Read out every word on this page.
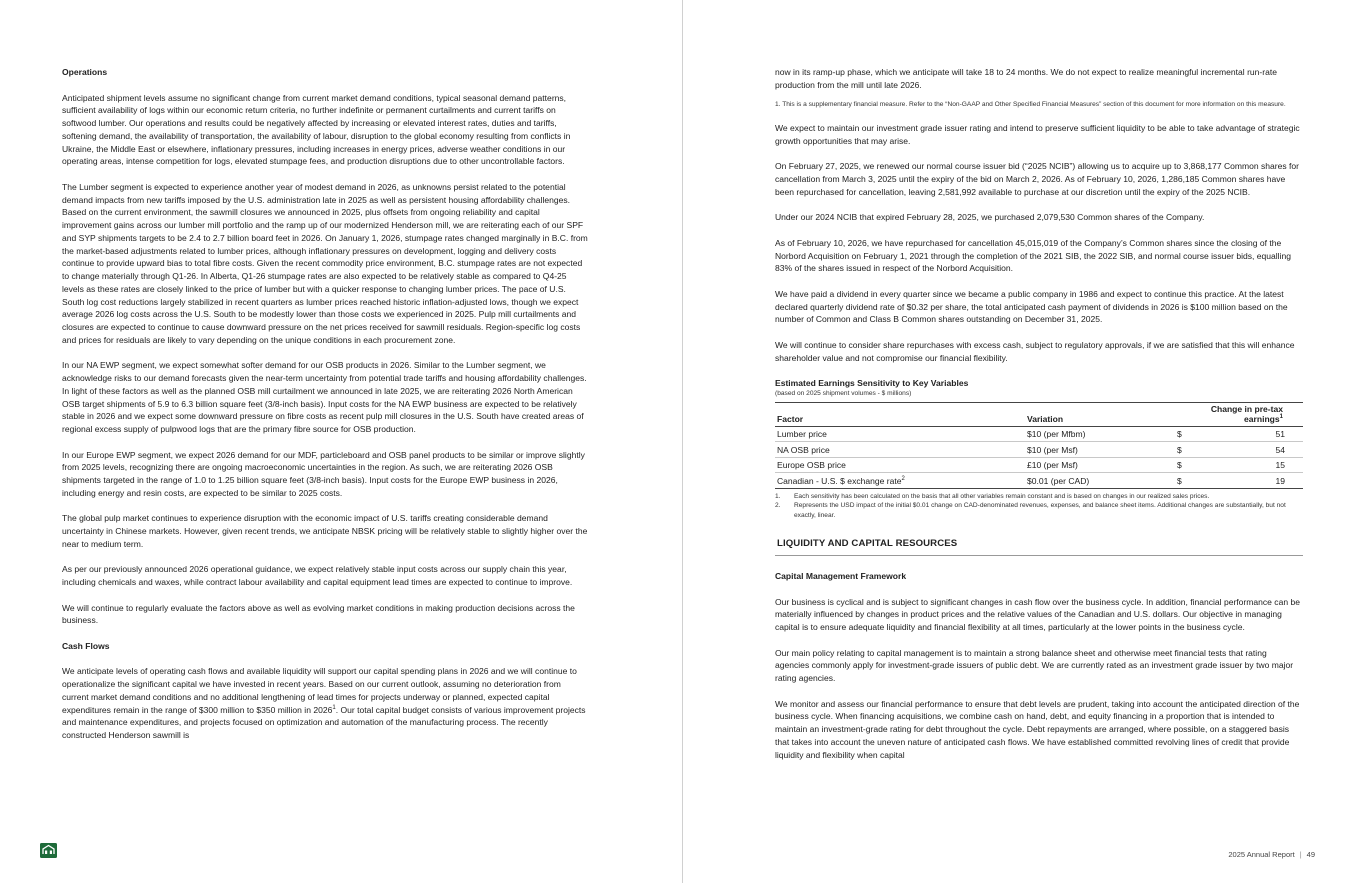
Operations

Anticipated shipment levels assume no significant change from current market demand conditions, typical seasonal demand patterns, sufficient availability of logs within our economic return criteria, no further indefinite or permanent curtailments and current tariffs on softwood lumber. Our operations and results could be negatively affected by increasing or elevated interest rates, duties and tariffs, softening demand, the availability of transportation, the availability of labour, disruption to the global economy resulting from conflicts in Ukraine, the Middle East or elsewhere, inflationary pressures, including increases in energy prices, adverse weather conditions in our operating areas, intense competition for logs, elevated stumpage fees, and production disruptions due to other uncontrollable factors.

The Lumber segment is expected to experience another year of modest demand in 2026, as unknowns persist related to the potential demand impacts from new tariffs imposed by the U.S. administration late in 2025 as well as persistent housing affordability challenges. Based on the current environment, the sawmill closures we announced in 2025, plus offsets from ongoing reliability and capital improvement gains across our lumber mill portfolio and the ramp up of our modernized Henderson mill, we are reiterating each of our SPF and SYP shipments targets to be 2.4 to 2.7 billion board feet in 2026. On January 1, 2026, stumpage rates changed marginally in B.C. from the market-based adjustments related to lumber prices, although inflationary pressures on development, logging and delivery costs continue to provide upward bias to total fibre costs. Given the recent commodity price environment, B.C. stumpage rates are not expected to change materially through Q1-26. In Alberta, Q1-26 stumpage rates are also expected to be relatively stable as compared to Q4-25 levels as these rates are closely linked to the price of lumber but with a quicker response to changing lumber prices. The pace of U.S. South log cost reductions largely stabilized in recent quarters as lumber prices reached historic inflation-adjusted lows, though we expect average 2026 log costs across the U.S. South to be modestly lower than those costs we experienced in 2025. Pulp mill curtailments and closures are expected to continue to cause downward pressure on the net prices received for sawmill residuals. Region-specific log costs and prices for residuals are likely to vary depending on the unique conditions in each procurement zone.

In our NA EWP segment, we expect somewhat softer demand for our OSB products in 2026. Similar to the Lumber segment, we acknowledge risks to our demand forecasts given the near-term uncertainty from potential trade tariffs and housing affordability challenges. In light of these factors as well as the planned OSB mill curtailment we announced in late 2025, we are reiterating 2026 North American OSB target shipments of 5.9 to 6.3 billion square feet (3/8-inch basis). Input costs for the NA EWP business are expected to be relatively stable in 2026 and we expect some downward pressure on fibre costs as recent pulp mill closures in the U.S. South have created areas of regional excess supply of pulpwood logs that are the primary fibre source for OSB production.

In our Europe EWP segment, we expect 2026 demand for our MDF, particleboard and OSB panel products to be similar or improve slightly from 2025 levels, recognizing there are ongoing macroeconomic uncertainties in the region. As such, we are reiterating 2026 OSB shipments targeted in the range of 1.0 to 1.25 billion square feet (3/8-inch basis). Input costs for the Europe EWP business in 2026, including energy and resin costs, are expected to be similar to 2025 costs.

The global pulp market continues to experience disruption with the economic impact of U.S. tariffs creating considerable demand uncertainty in Chinese markets. However, given recent trends, we anticipate NBSK pricing will be relatively stable to slightly higher over the near to medium term.

As per our previously announced 2026 operational guidance, we expect relatively stable input costs across our supply chain this year, including chemicals and waxes, while contract labour availability and capital equipment lead times are expected to continue to improve.

We will continue to regularly evaluate the factors above as well as evolving market conditions in making production decisions across the business.

Cash Flows

We anticipate levels of operating cash flows and available liquidity will support our capital spending plans in 2026 and we will continue to operationalize the significant capital we have invested in recent years. Based on our current outlook, assuming no deterioration from current market demand conditions and no additional lengthening of lead times for projects underway or planned, expected capital expenditures remain in the range of $300 million to $350 million in 2026$^1$. Our total capital budget consists of various improvement projects and maintenance expenditures, and projects focused on optimization and automation of the manufacturing process. The recently constructed Henderson sawmill is

now in its ramp-up phase, which we anticipate will take 18 to 24 months. We do not expect to realize meaningful incremental run-rate production from the mill until late 2026.

1. This is a supplementary financial measure. Refer to the “Non-GAAP and Other Specified Financial Measures” section of this document for more information on this measure.

We expect to maintain our investment grade issuer rating and intend to preserve sufficient liquidity to be able to take advantage of strategic growth opportunities that may arise.

On February 27, 2025, we renewed our normal course issuer bid (“2025 NCIB”) allowing us to acquire up to 3,868,177 Common shares for cancellation from March 3, 2025 until the expiry of the bid on March 2, 2026. As of February 10, 2026, 1,286,185 Common shares have been repurchased for cancellation, leaving 2,581,992 available to purchase at our discretion until the expiry of the 2025 NCIB.

Under our 2024 NCIB that expired February 28, 2025, we purchased 2,079,530 Common shares of the Company.

As of February 10, 2026, we have repurchased for cancellation 45,015,019 of the Company’s Common shares since the closing of the Norbord Acquisition on February 1, 2021 through the completion of the 2021 SIB, the 2022 SIB, and normal course issuer bids, equalling 83% of the shares issued in respect of the Norbord Acquisition.

We have paid a dividend in every quarter since we became a public company in 1986 and expect to continue this practice. At the latest declared quarterly dividend rate of $0.32 per share, the total anticipated cash payment of dividends in 2026 is $100 million based on the number of Common and Class B Common shares outstanding on December 31, 2025.

We will continue to consider share repurchases with excess cash, subject to regulatory approvals, if we are satisfied that this will enhance shareholder value and not compromise our financial flexibility.

Estimated Earnings Sensitivity to Key Variables
(based on 2025 shipment volumes - $ millions)
Factor	Variation		Change in pre-tax
earnings$^1$
Lumber price	$10 (per Mfbm)	$	51
NA OSB price	$10 (per Msf)	$	54
Europe OSB price	£10 (per Msf)	$	15
Canadian - U.S. $ exchange rate$^2$	$0.01 (per CAD)	$	19
1.	Each sensitivity has been calculated on the basis that all other variables remain constant and is based on changes in our realized sales prices.
2.	Represents the USD impact of the initial $0.01 change on CAD-denominated revenues, expenses, and balance sheet items. Additional changes are substantially, but not exactly, linear.
LIQUIDITY AND CAPITAL RESOURCES
Capital Management Framework

Our business is cyclical and is subject to significant changes in cash flow over the business cycle. In addition, financial performance can be materially influenced by changes in product prices and the relative values of the Canadian and U.S. dollars. Our objective in managing capital is to ensure adequate liquidity and financial flexibility at all times, particularly at the lower points in the business cycle.

Our main policy relating to capital management is to maintain a strong balance sheet and otherwise meet financial tests that rating agencies commonly apply for investment-grade issuers of public debt. We are currently rated as an investment grade issuer by two major rating agencies.

We monitor and assess our financial performance to ensure that debt levels are prudent, taking into account the anticipated direction of the business cycle. When financing acquisitions, we combine cash on hand, debt, and equity financing in a proportion that is intended to maintain an investment-grade rating for debt throughout the cycle. Debt repayments are arranged, where possible, on a staggered basis that takes into account the uneven nature of anticipated cash flows. We have established committed revolving lines of credit that provide liquidity and flexibility when capital

2025 Annual Report | 49
